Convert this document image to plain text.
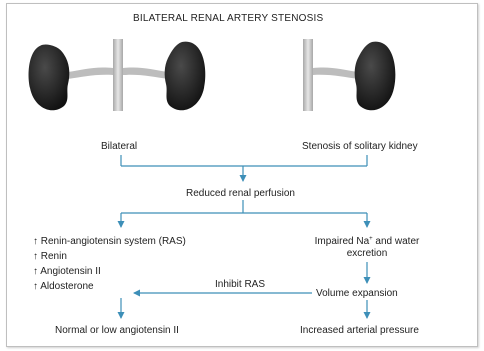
BILATERAL RENAL ARTERY STENOSIS
Bilateral	Stenosis of solitary kidney
Reduced renal perfusion
↑ Renin-angiotensin system (RAS)
↑ Renin
↑ Angiotensin II
↑ Aldosterone
Impaired Na+ and water
excretion
Inhibit RAS
Volume expansion
Normal or low angiotensin II	Increased arterial pressure
